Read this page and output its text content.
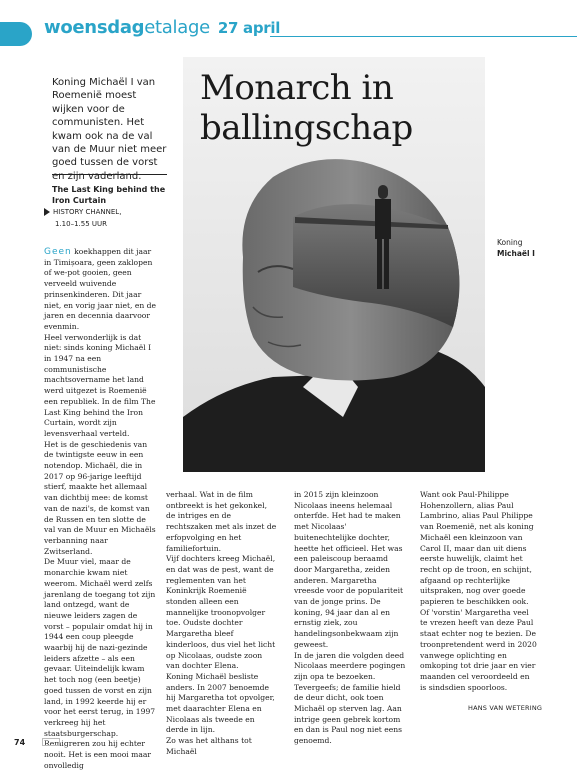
woensdagetalage 27 april
Koning Michaël I van Roemenië moest wijken voor de communisten. Het kwam ook na de val van de Muur niet meer goed tussen de vorst en zijn vaderland.
The Last King behind the Iron Curtain
HISTORY CHANNEL,
1.10–1.55 UUR
Monarch in ballingschap
Koning
Michaël I

Geen koekhappen dit jaar in Timișoara, geen zaklopen of we-pot gooien, geen verveeld wuivende prinsenkinderen. Dit jaar niet, en vorig jaar niet, en de jaren en decennia daarvoor evenmin.

Heel verwonderlijk is dat niet: sinds koning Michaël I in 1947 na een communistische machtsovername het land werd uitgezet is Roemenië een republiek. In de film The Last King behind the Iron Curtain, wordt zijn levensverhaal verteld.

Het is de geschiedenis van de twintigste eeuw in een notendop. Michaël, die in 2017 op 96-jarige leeftijd stierf, maakte het allemaal van dichtbij mee: de komst van de nazi's, de komst van de Russen en ten slotte de val van de Muur en Michaëls verbanning naar Zwitserland.

De Muur viel, maar de monarchie kwam niet weerom. Michaël werd zelfs jarenlang de toegang tot zijn land ontzegd, want de nieuwe leiders zagen de vorst – populair omdat hij in 1944 een coup pleegde waarbij hij de nazi-gezinde leiders afzette – als een gevaar. Uiteindelijk kwam het toch nog (een beetje) goed tussen de vorst en zijn land, in 1992 keerde hij er voor het eerst terug, in 1997 verkreeg hij het staatsburgerschap. Remigreren zou hij echter nooit. Het is een mooi maar onvolledig

verhaal. Wat in de film ontbreekt is het gekonkel, de intriges en de rechtszaken met als inzet de erfopvolging en het familiefortuin.

Vijf dochters kreeg Michaël, en dat was de pest, want de reglementen van het Koninkrijk Roemenië stonden alleen een mannelijke troonopvolger toe. Oudste dochter Margaretha bleef kinderloos, dus viel het licht op Nicolaas, oudste zoon van dochter Elena.

Koning Michaël besliste anders. In 2007 benoemde hij Margaretha tot opvolger, met daarachter Elena en Nicolaas als tweede en derde in lijn.

Zo was het althans tot Michaël

in 2015 zijn kleinzoon Nicolaas ineens helemaal onterfde. Het had te maken met Nicolaas' buitenechtelijke dochter, heette het officieel. Het was een paleiscoup beraamd door Margaretha, zeiden anderen. Margaretha vreesde voor de populariteit van de jonge prins. De koning, 94 jaar dan al en ernstig ziek, zou handelingsonbekwaam zijn geweest.

In de jaren die volgden deed Nicolaas meerdere pogingen zijn opa te bezoeken. Tevergeefs; de familie hield de deur dicht, ook toen Michaël op sterven lag. Aan intrige geen gebrek kortom en dan is Paul nog niet eens genoemd.

Want ook Paul-Philippe Hohenzollern, alias Paul Lambrino, alias Paul Philippe van Roemenië, net als koning Michaël een kleinzoon van Carol II, maar dan uit diens eerste huwelijk, claimt het recht op de troon, en schijnt, afgaand op rechterlijke uitspraken, nog over goede papieren te beschikken ook.

Of 'vorstin' Margaretha veel te vrezen heeft van deze Paul staat echter nog te bezien. De troonpretendent werd in 2020 vanwege oplichting en omkoping tot drie jaar en vier maanden cel veroordeeld en is sindsdien spoorloos.

HANS VAN WETERING
74
